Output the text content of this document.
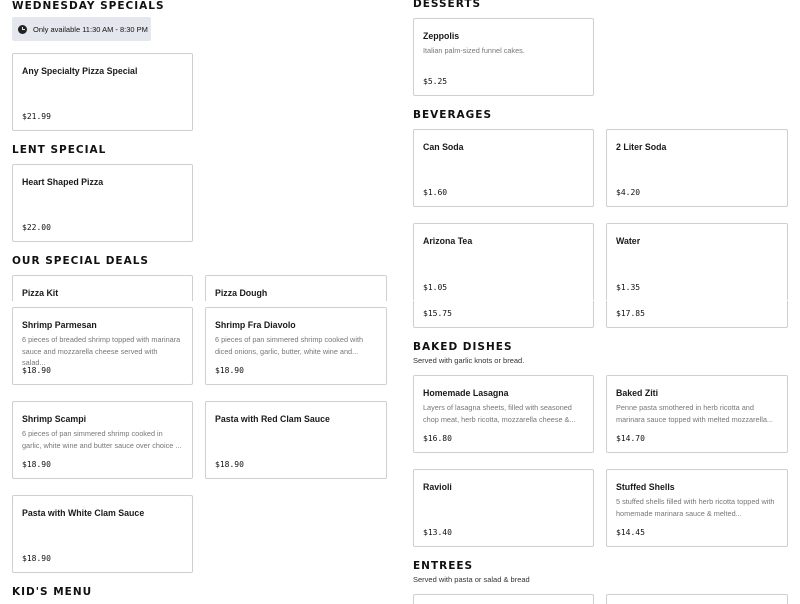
WEDNESDAY SPECIALS
Only available 11:30 AM - 8:30 PM
Any Specialty Pizza Special
$21.99
LENT SPECIAL
Heart Shaped Pizza
$22.00
OUR SPECIAL DEALS
Pizza Kit	Pizza Dough
Shrimp Parmesan
6 pieces of breaded shrimp topped with marinara sauce and mozzarella cheese served with salad...
$18.90
Shrimp Fra Diavolo
6 pieces of pan simmered shrimp cooked with diced onions, garlic, butter, white wine and...
$18.90
Shrimp Scampi
6 pieces of pan simmered shrimp cooked in garlic, white wine and butter sauce over choice ...
$18.90
Pasta with Red Clam Sauce
$18.90
Pasta with White Clam Sauce
$18.90
KID'S MENU
DESSERTS
Zeppolis
Italian palm-sized funnel cakes.
$5.25
BEVERAGES
Can Soda
$1.60
2 Liter Soda
$4.20
Arizona Tea
$1.05
Water
$1.35
$15.75	$17.85
BAKED DISHES
Served with garlic knots or bread.
Homemade Lasagna
Layers of lasagna sheets, filled with seasoned chop meat, herb ricotta, mozzarella cheese &...
$16.80
Baked Ziti
Penne pasta smothered in herb ricotta and marinara sauce topped with melted mozzarella...
$14.70
Ravioli
$13.40
Stuffed Shells
5 stuffed shells filled with herb ricotta topped with homemade marinara sauce & melted...
$14.45
ENTREES
Served with pasta or salad & bread
